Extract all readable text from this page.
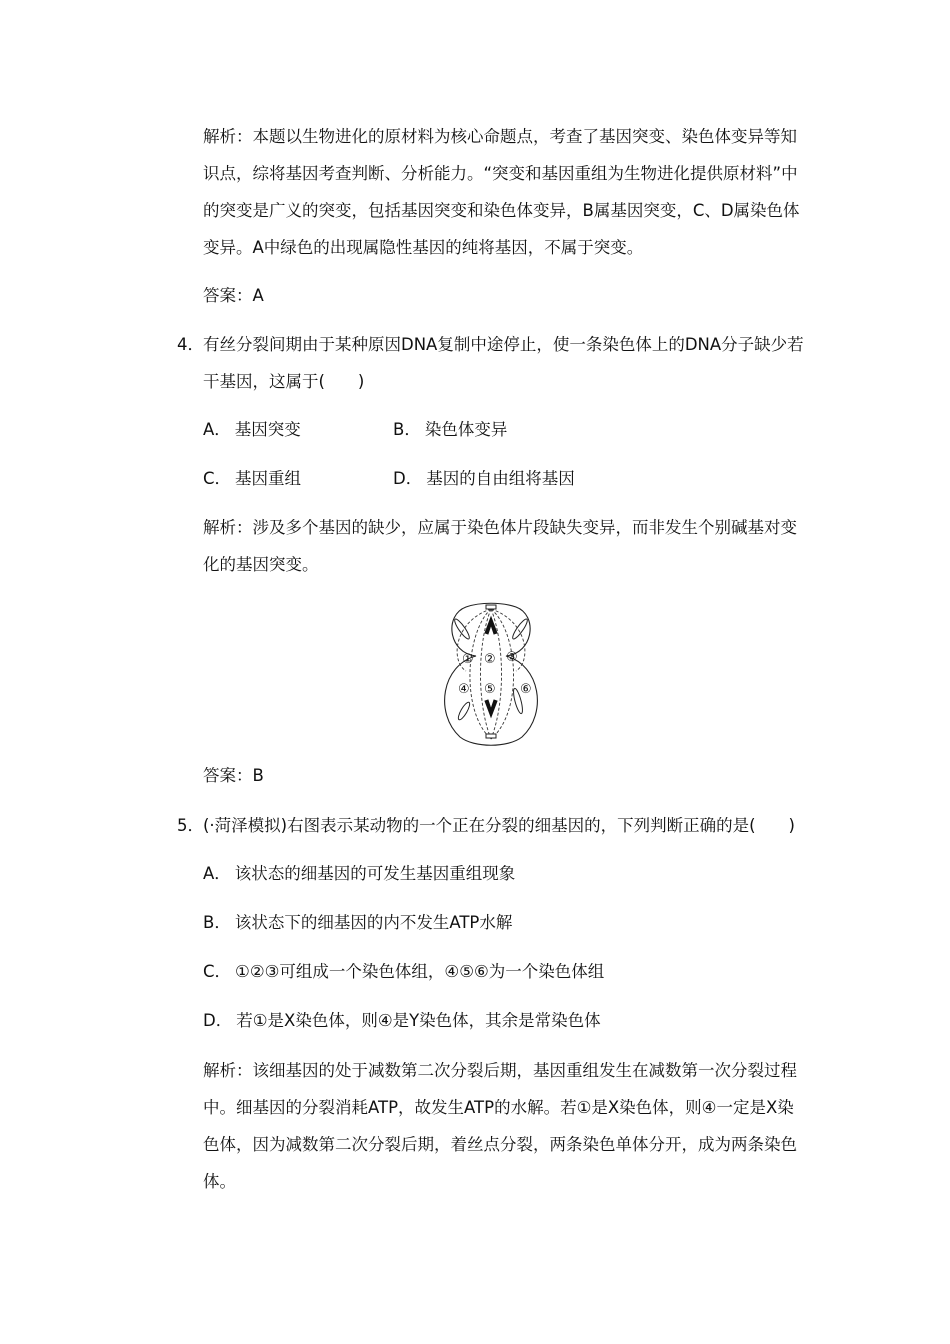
解析：本题以生物进化的原材料为核心命题点，考查了基因突变、染色体变异等知识点，综将基因考查判断、分析能力。“突变和基因重组为生物进化提供原材料”中的突变是广义的突变，包括基因突变和染色体变异，B属基因突变，C、D属染色体变异。A中绿色的出现属隐性基因的纯将基因，不属于突变。

答案：A

4．有丝分裂间期由于某种原因DNA复制中途停止，使一条染色体上的DNA分子缺少若干基因，这属于(　　)

A． 基因突变	B． 染色体变异

C． 基因重组	D． 基因的自由组将基因

解析：涉及多个基因的缺少，应属于染色体片段缺失变异，而非发生个别碱基对变化的基因突变。

① ② ③
④ ⑤ ⑥

答案：B

5．(·菏泽模拟)右图表示某动物的一个正在分裂的细基因的，下列判断正确的是(　　)

A． 该状态的细基因的可发生基因重组现象

B． 该状态下的细基因的内不发生ATP水解

C． ①②③可组成一个染色体组，④⑤⑥为一个染色体组

D． 若①是X染色体，则④是Y染色体，其余是常染色体

解析：该细基因的处于减数第二次分裂后期，基因重组发生在减数第一次分裂过程中。细基因的分裂消耗ATP，故发生ATP的水解。若①是X染色体，则④一定是X染色体，因为减数第二次分裂后期，着丝点分裂，两条染色单体分开，成为两条染色体。
